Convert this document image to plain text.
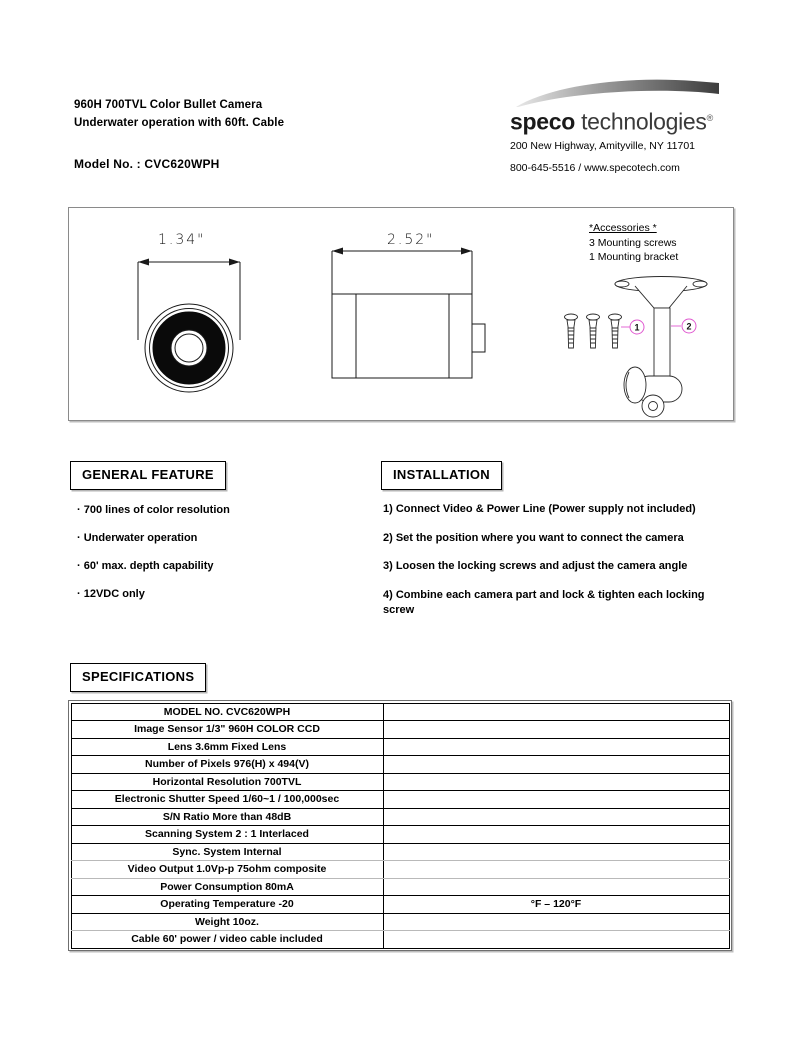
960H 700TVL Color Bullet Camera
Underwater operation with 60ft. Cable
Model No. : CVC620WPH
speco technologies®
200 New Highway, Amityville, NY 11701
800-645-5516 / www.specotech.com
1.34"	2.52"
1	2
*Accessories *
3 Mounting screws
1 Mounting bracket
GENERAL FEATURE
· 700 lines of color resolution
· Underwater operation
· 60' max. depth capability
· 12VDC only
INSTALLATION
1) Connect Video & Power Line (Power supply not included)
2) Set the position where you want to connect the camera
3) Loosen the locking screws and adjust the camera angle
4) Combine each camera part and lock & tighten each locking screw
SPECIFICATIONS
MODEL NO. CVC620WPH	
Image Sensor 1/3" 960H COLOR CCD	
Lens 3.6mm Fixed Lens	
Number of Pixels 976(H) x 494(V)	
Horizontal Resolution 700TVL	
Electronic Shutter Speed 1/60~1 / 100,000sec	
S/N Ratio More than 48dB	
Scanning System 2 : 1 Interlaced	
Sync. System Internal	
Video Output 1.0Vp-p 75ohm composite	
Power Consumption 80mA	
Operating Temperature -20	°F – 120°F
Weight 10oz.	
Cable 60' power / video cable included	
